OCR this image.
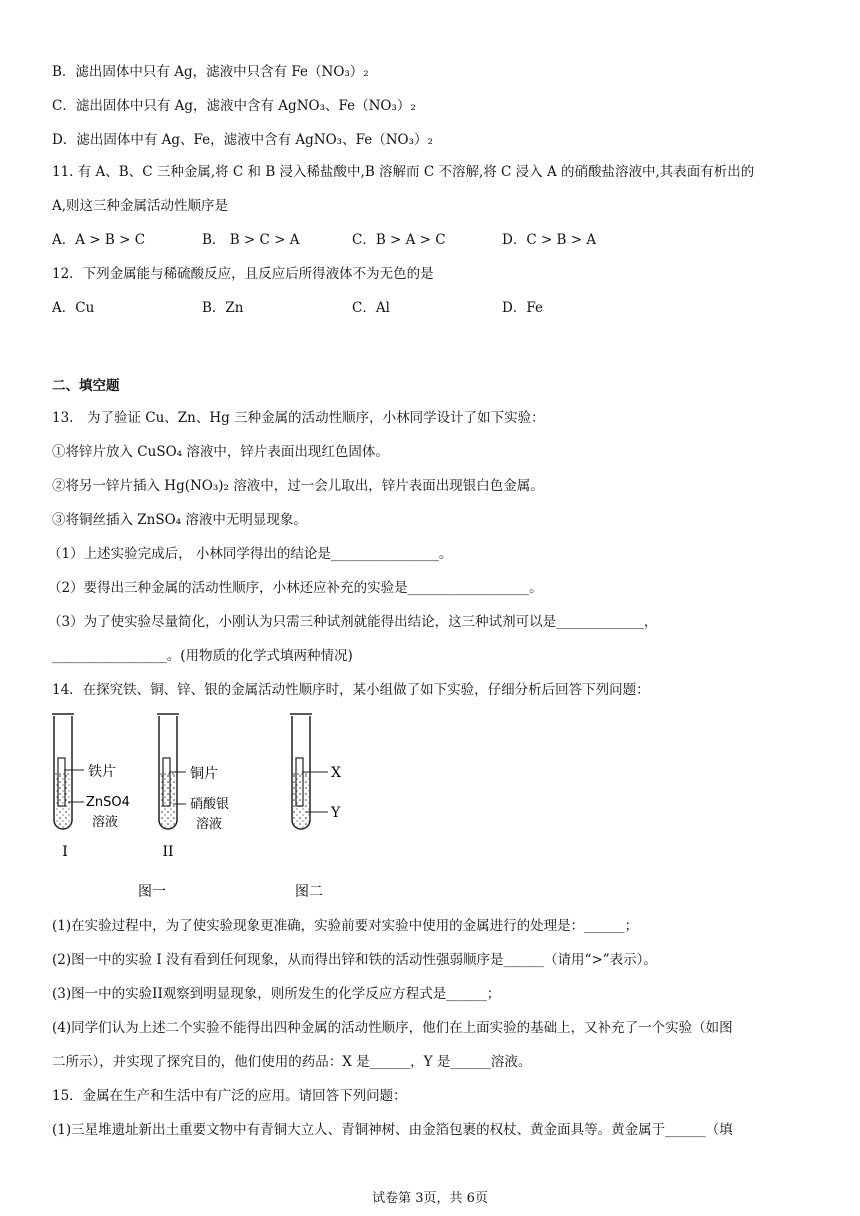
B．滤出固体中只有 Ag，滤液中只含有 Fe（NO₃）₂
C．滤出固体中只有 Ag，滤液中含有 AgNO₃、Fe（NO₃）₂
D．滤出固体中有 Ag、Fe，滤液中含有 AgNO₃、Fe（NO₃）₂
11. 有 A、B、C 三种金属,将 C 和 B 浸入稀盐酸中,B 溶解而 C 不溶解,将 C 浸入 A 的硝酸盐溶液中,其表面有析出的
A,则这三种金属活动性顺序是
A．A > B > C	B． B > C > A	C．B > A > C	D．C > B > A
12．下列金属能与稀硫酸反应，且反应后所得液体不为无色的是
A．Cu	B．Zn	C．Al	D．Fe
二、填空题
13.　为了验证 Cu、Zn、Hg 三种金属的活动性顺序，小林同学设计了如下实验：
①将锌片放入 CuSO₄ 溶液中，锌片表面出现红色固体。
②将另一锌片插入 Hg(NO₃)₂ 溶液中，过一会儿取出，锌片表面出现银白色金属。
③将铜丝插入 ZnSO₄ 溶液中无明显现象。
（1）上述实验完成后， 小林同学得出的结论是________________。
（2）要得出三种金属的活动性顺序，小林还应补充的实验是__________________。
（3）为了使实验尽量简化，小刚认为只需三种试剂就能得出结论，这三种试剂可以是_____________，
_________________。(用物质的化学式填两种情况)
14．在探究铁、铜、锌、银的金属活动性顺序时，某小组做了如下实验，仔细分析后回答下列问题：
铁片
ZnSO4
溶液
I
铜片
硝酸银
溶液
II
X
Y
图一	图二
(1)在实验过程中，为了使实验现象更准确，实验前要对实验中使用的金属进行的处理是：______；
(2)图一中的实验 I 没有看到任何现象，从而得出锌和铁的活动性强弱顺序是______（请用“>”表示）。
(3)图一中的实验II观察到明显现象，则所发生的化学反应方程式是______；
(4)同学们认为上述二个实验不能得出四种金属的活动性顺序，他们在上面实验的基础上，又补充了一个实验（如图
二所示），并实现了探究目的，他们使用的药品：X 是______，Y 是______溶液。
15．金属在生产和生活中有广泛的应用。请回答下列问题：
(1)三星堆遗址新出土重要文物中有青铜大立人、青铜神树、由金箔包裹的权杖、黄金面具等。黄金属于______（填
试卷第 3页，共 6页
